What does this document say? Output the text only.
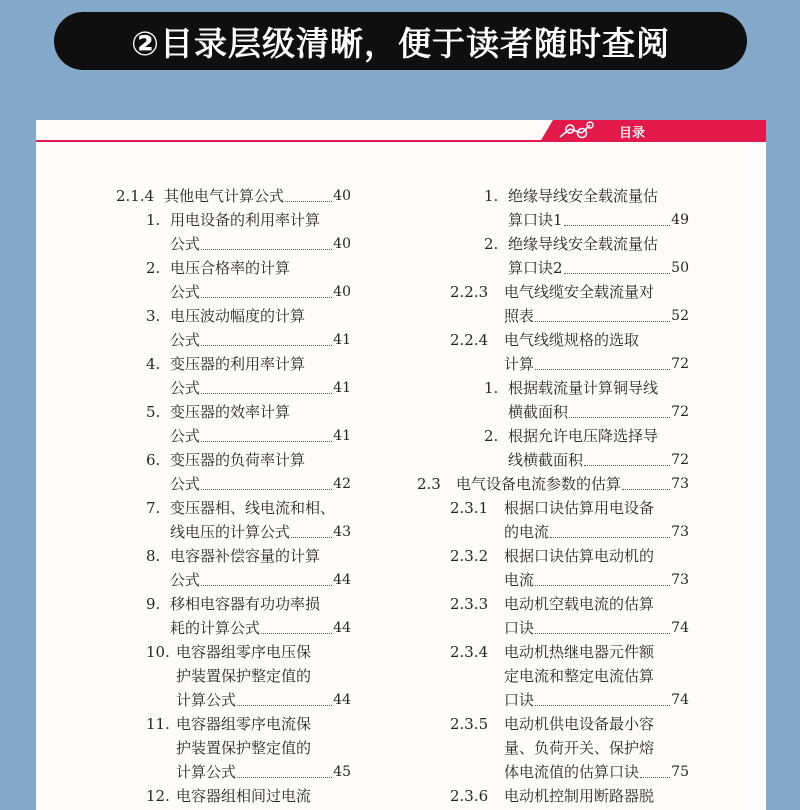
②目录层级清晰，便于读者随时查阅
目录
2.1.4 其他电气计算公式	40
1. 用电设备的利用率计算
公式	40
2. 电压合格率的计算
公式	40
3. 电压波动幅度的计算
公式	41
4. 变压器的利用率计算
公式	41
5. 变压器的效率计算
公式	41
6. 变压器的负荷率计算
公式	42
7. 变压器相、线电流和相、
线电压的计算公式	43
8. 电容器补偿容量的计算
公式	44
9. 移相电容器有功功率损
耗的计算公式	44
10. 电容器组零序电压保
护装置保护整定值的
计算公式	44
11. 电容器组零序电流保
护装置保护整定值的
计算公式	45
12. 电容器组相间过电流
1. 绝缘导线安全载流量估
算口诀1	49
2. 绝缘导线安全载流量估
算口诀2	50
2.2.3 电气线缆安全载流量对
照表	52
2.2.4 电气线缆规格的选取
计算	72
1. 根据载流量计算铜导线
横截面积	72
2. 根据允许电压降选择导
线横截面积	72
2.3 电气设备电流参数的估算	73
2.3.1 根据口诀估算用电设备
的电流	73
2.3.2 根据口诀估算电动机的
电流	73
2.3.3 电动机空载电流的估算
口诀	74
2.3.4 电动机热继电器元件额
定电流和整定电流估算
口诀	74
2.3.5 电动机供电设备最小容
量、负荷开关、保护熔
体电流值的估算口诀 75
2.3.6 电动机控制用断路器脱
